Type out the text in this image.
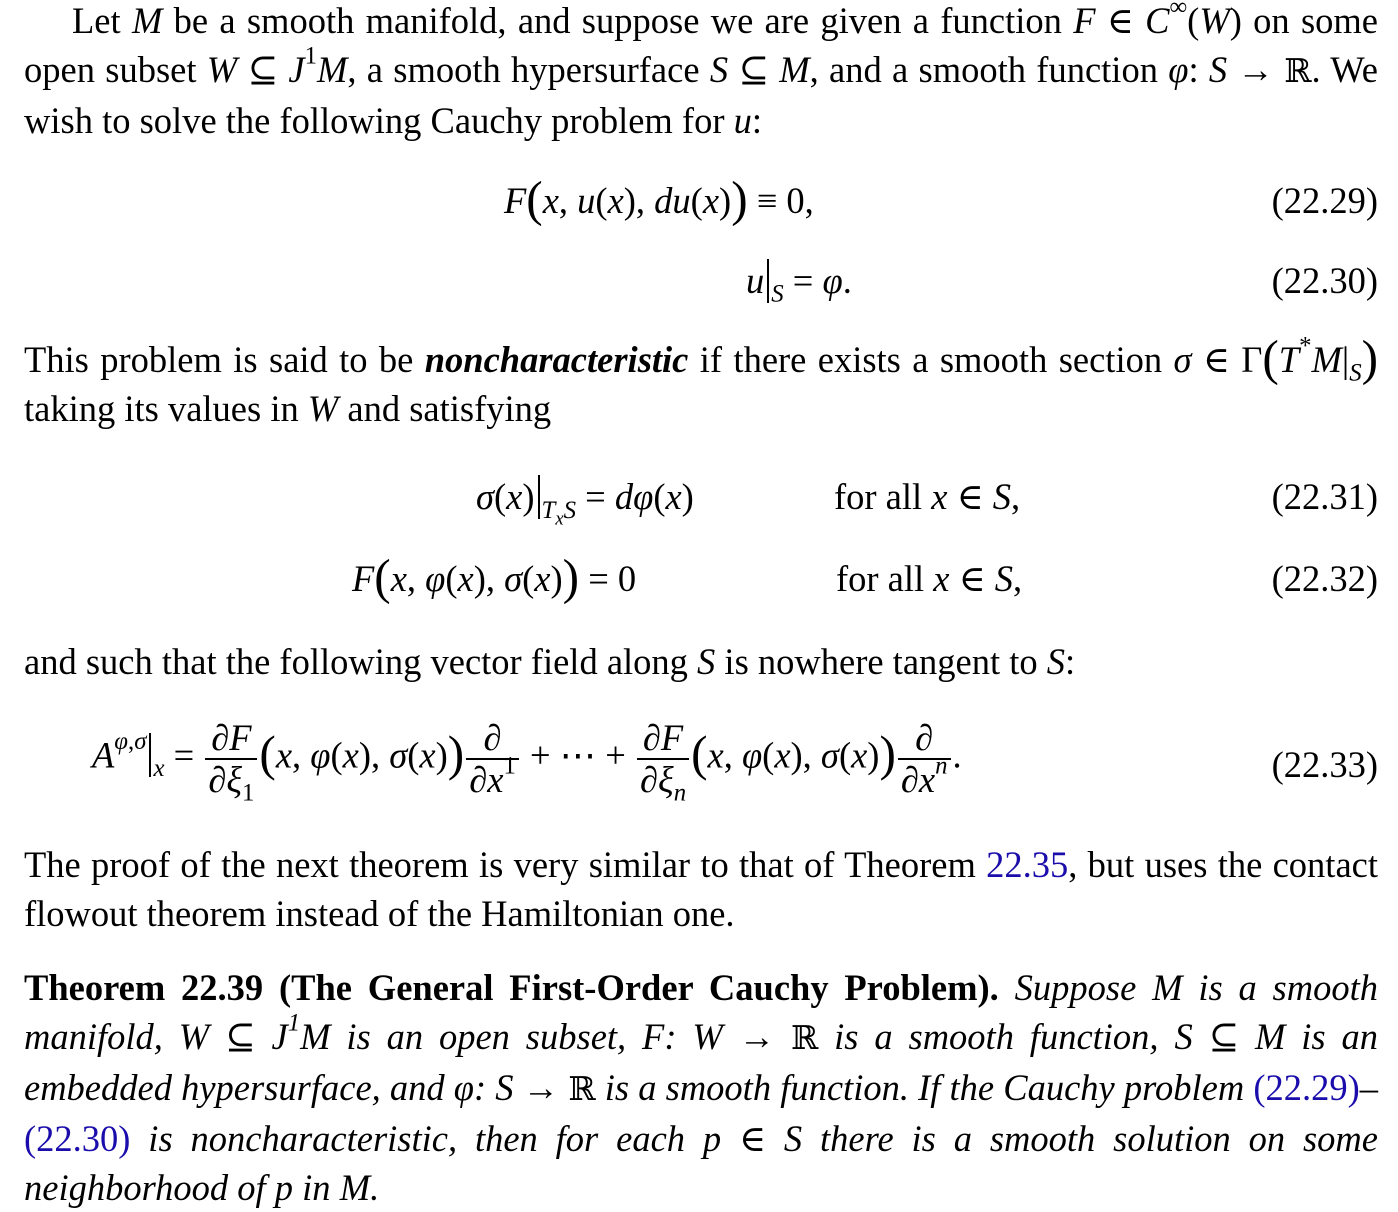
Let M be a smooth manifold, and suppose we are given a function F ∈ C∞(W) on some open subset W ⊆ $J^1M$, a smooth hypersurface S ⊆ M, and a smooth function φ: S → ℝ. We wish to solve the following Cauchy problem for u:

F(x, u(x), du(x)) ≡ 0,	(22.29)
u $_S$ = φ.	(22.30)

This problem is said to be noncharacteristic if there exists a smooth section σ ∈ $\Gamma(T^*M|_S)$ taking its values in W and satisfying

σ(x) $_{T_xS}$ = dφ(x)	for all x ∈ S,	(22.31)
F(x, φ(x), σ(x)) = 0	for all x ∈ S,	(22.32)

and such that the following vector field along S is nowhere tangent to S:

$A^{\varphi,\sigma}_x = \frac{\partial F}{\partial\xi_1} (x$, φ(x), $\sigma(x)) \frac{\partial}{\partial x^1}$ + ⋯ + $\frac{\partial F}{\partial\xi_n} (x$, φ(x), $\sigma(x)) \frac{\partial}{\partial x^n}$ .	(22.33)

The proof of the next theorem is very similar to that of Theorem 22.35, but uses the contact flowout theorem instead of the Hamiltonian one.

Theorem 22.39 (The General First-Order Cauchy Problem). Suppose M is a smooth manifold, W ⊆ $J^1M$ is an open subset, F: W → ℝ is a smooth function, S ⊆ M is an embedded hypersurface, and φ: S → ℝ is a smooth function. If the Cauchy problem (22.29)–(22.30) is noncharacteristic, then for each p ∈ S there is a smooth solution on some neighborhood of p in M.
